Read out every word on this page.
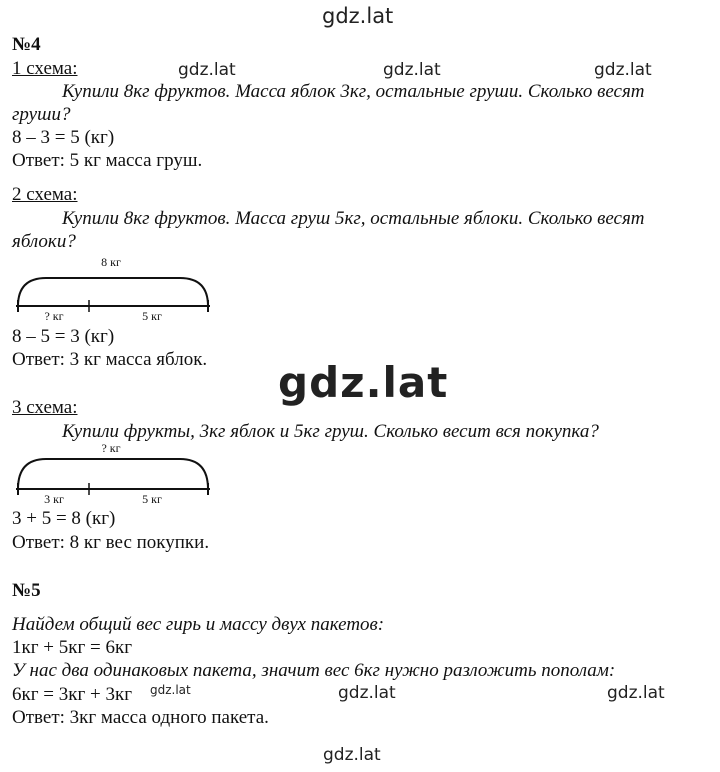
gdz.lat
gdz.lat	gdz.lat	gdz.lat
gdz.lat
gdz.lat	gdz.lat	gdz.lat
gdz.lat
№4
1 схема:
Купили 8кг фруктов. Масса яблок 3кг, остальные груши. Сколько весят
груши?
8 – 3 = 5 (кг)
Ответ: 5 кг масса груш.
2 схема:
Купили 8кг фруктов. Масса груш 5кг, остальные яблоки. Сколько весят
яблоки?
8 кг
? кг	5 кг
8 – 5 = 3 (кг)
Ответ: 3 кг масса яблок.
3 схема:
Купили фрукты, 3кг яблок и 5кг груш. Сколько весит вся покупка?
? кг
3 кг	5 кг
3 + 5 = 8 (кг)
Ответ: 8 кг вес покупки.
№5
Найдем общий вес гирь и массу двух пакетов:
1кг + 5кг = 6кг
У нас два одинаковых пакета, значит вес 6кг нужно разложить пополам:
6кг = 3кг + 3кг
Ответ: 3кг масса одного пакета.
